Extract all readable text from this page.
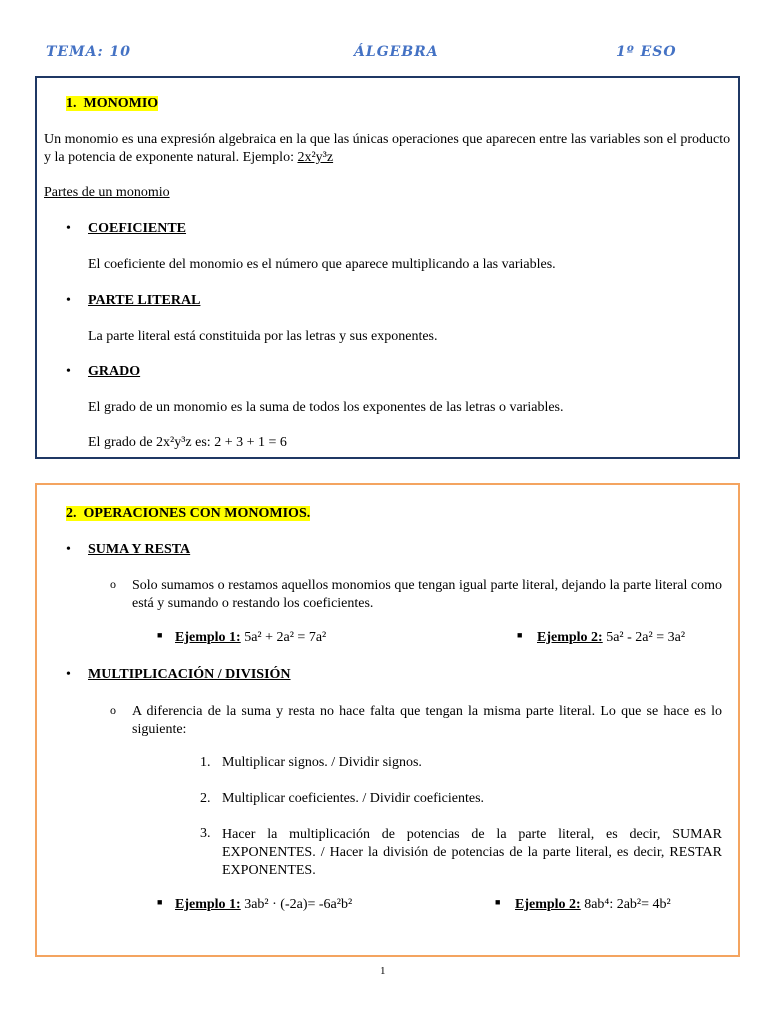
TEMA: 10	ÁLGEBRA	1º ESO
1. MONOMIO
Un monomio es una expresión algebraica en la que las únicas operaciones que aparecen entre las variables son el producto y la potencia de exponente natural. Ejemplo: 2x²y³z
Partes de un monomio
• COEFICIENTE
El coeficiente del monomio es el número que aparece multiplicando a las variables.
• PARTE LITERAL
La parte literal está constituida por las letras y sus exponentes.
• GRADO
El grado de un monomio es la suma de todos los exponentes de las letras o variables.
El grado de 2x²y³z es: 2 + 3 + 1 = 6
2. OPERACIONES CON MONOMIOS.
• SUMA Y RESTA
o Solo sumamos o restamos aquellos monomios que tengan igual parte literal, dejando la parte literal como está y sumando o restando los coeficientes.
■ Ejemplo 1: 5a² + 2a² = 7a²	■ Ejemplo 2: 5a² - 2a² = 3a²
• MULTIPLICACIÓN / DIVISIÓN
o A diferencia de la suma y resta no hace falta que tengan la misma parte literal. Lo que se hace es lo siguiente:
1. Multiplicar signos. / Dividir signos.
2. Multiplicar coeficientes. / Dividir coeficientes.
3. Hacer la multiplicación de potencias de la parte literal, es decir, SUMAR EXPONENTES. / Hacer la división de potencias de la parte literal, es decir, RESTAR EXPONENTES.
■ Ejemplo 1: 3ab² · (-2a)= -6a²b²	■ Ejemplo 2: 8ab⁴: 2ab²= 4b²
1
